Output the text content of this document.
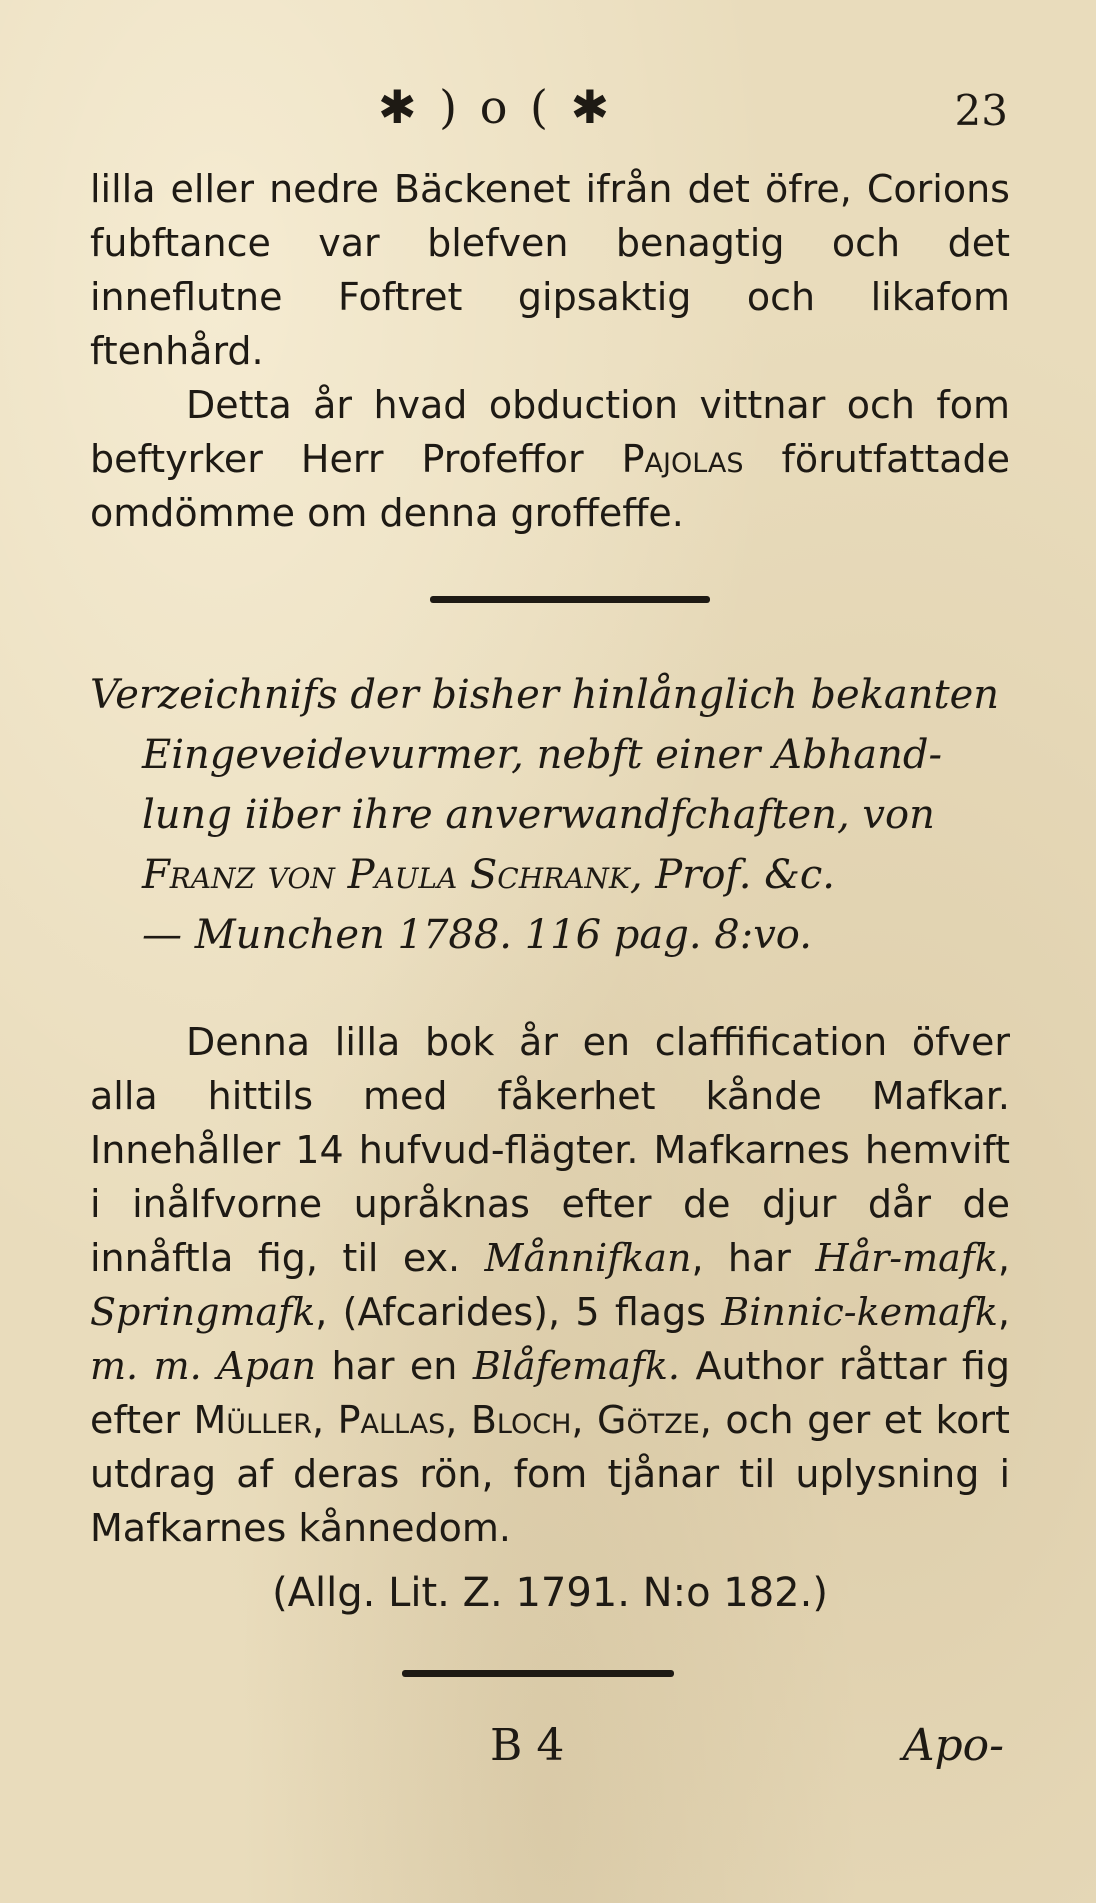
✱ ) o ( ✱	23

lilla eller nedre Bäckenet ifrån det öfre, Corions fubftance var blefven benagtig och det inneflutne Foftret gipsaktig och likafom ftenhård.

Detta år hvad obduction vittnar och fom beftyrker Herr Profeffor Pajolas förutfattade omdömme om denna groffeffe.

Verzeichnifs der bisher hinlånglich bekanten
Eingeveidevurmer, nebft einer Abhand-
lung iiber ihre anverwandfchaften, von
Franz von Paula Schrank, Prof. &c.
— Munchen 1788. 116 pag. 8:vo.

Denna lilla bok år en claffification öfver alla hittils med fåkerhet kånde Mafkar. Innehåller 14 hufvud-flägter. Mafkarnes hemvift i inålfvorne upråknas efter de djur dår de innåftla fig, til ex. Månnifkan, har Hår-mafk, Springmafk, (Afcarides), 5 flags Binnic-kemafk, m. m. Apan har en Blåfemafk. Author råttar fig efter Müller, Pallas, Bloch, Götze, och ger et kort utdrag af deras rön, fom tjånar til uplysning i Mafkarnes kånnedom.

(Allg. Lit. Z. 1791. N:o 182.)
B 4	Apo-
